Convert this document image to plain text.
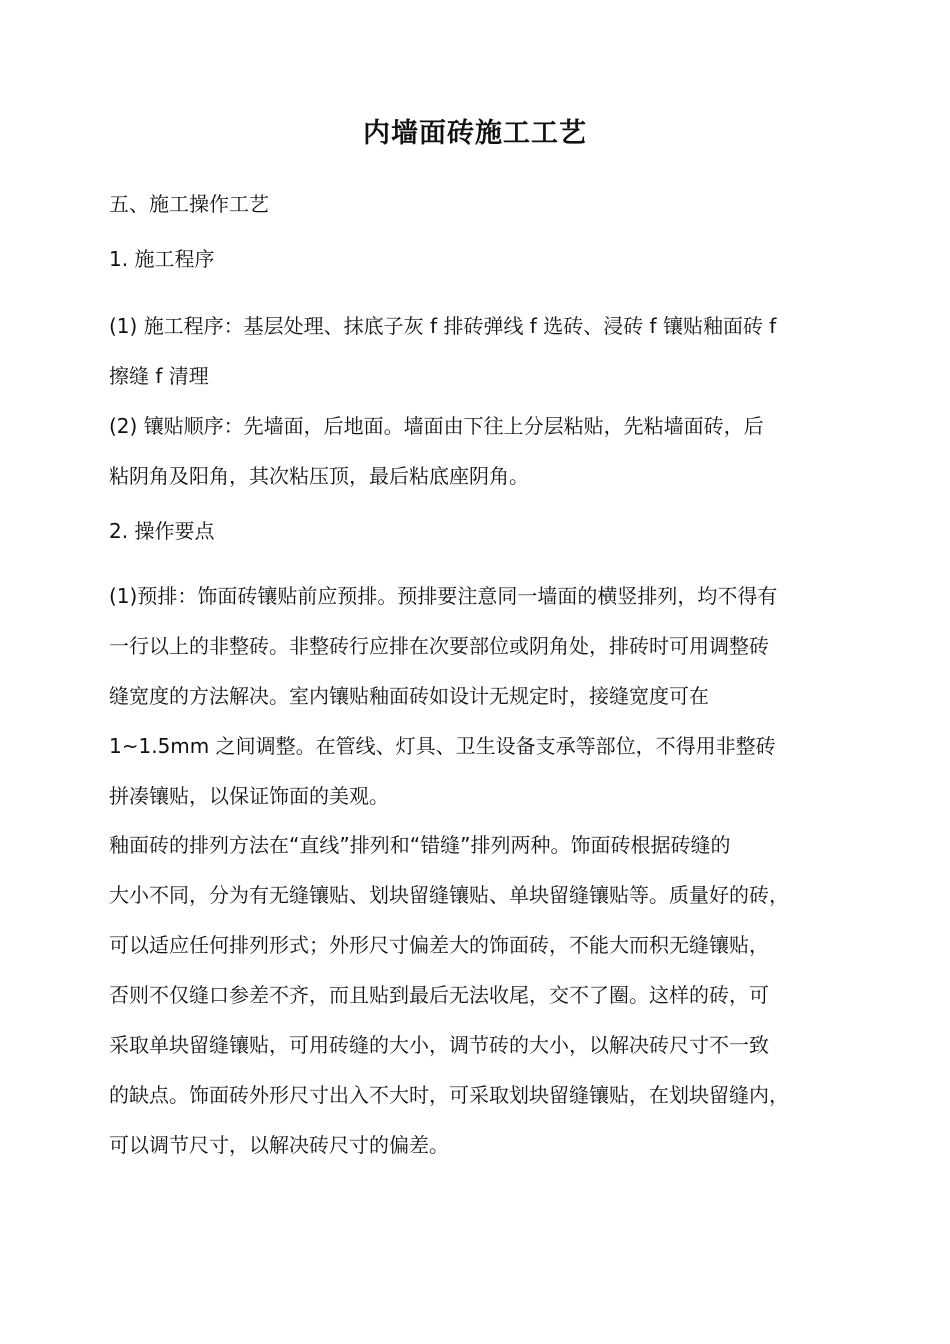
内墙面砖施工工艺

五、施工操作工艺

1. 施工程序

(1) 施工程序：基层处理、抹底子灰 f 排砖弹线 f 选砖、浸砖 f 镶贴釉面砖 f

擦缝 f 清理

(2) 镶贴顺序：先墙面，后地面。墙面由下往上分层粘贴，先粘墙面砖，后

粘阴角及阳角，其次粘压顶，最后粘底座阴角。

2. 操作要点

(1)预排：饰面砖镶贴前应预排。预排要注意同一墙面的横竖排列，均不得有

一行以上的非整砖。非整砖行应排在次要部位或阴角处，排砖时可用调整砖

缝宽度的方法解决。室内镶贴釉面砖如设计无规定时，接缝宽度可在

1~1.5mm 之间调整。在管线、灯具、卫生设备支承等部位，不得用非整砖

拼凑镶贴，以保证饰面的美观。

釉面砖的排列方法在“直线”排列和“错缝”排列两种。饰面砖根据砖缝的

大小不同，分为有无缝镶贴、划块留缝镶贴、单块留缝镶贴等。质量好的砖，

可以适应任何排列形式；外形尺寸偏差大的饰面砖，不能大而积无缝镶贴，

否则不仅缝口参差不齐，而且贴到最后无法收尾，交不了圈。这样的砖，可

采取单块留缝镶贴，可用砖缝的大小，调节砖的大小，以解决砖尺寸不一致

的缺点。饰面砖外形尺寸出入不大时，可采取划块留缝镶贴，在划块留缝内，

可以调节尺寸，以解决砖尺寸的偏差。
